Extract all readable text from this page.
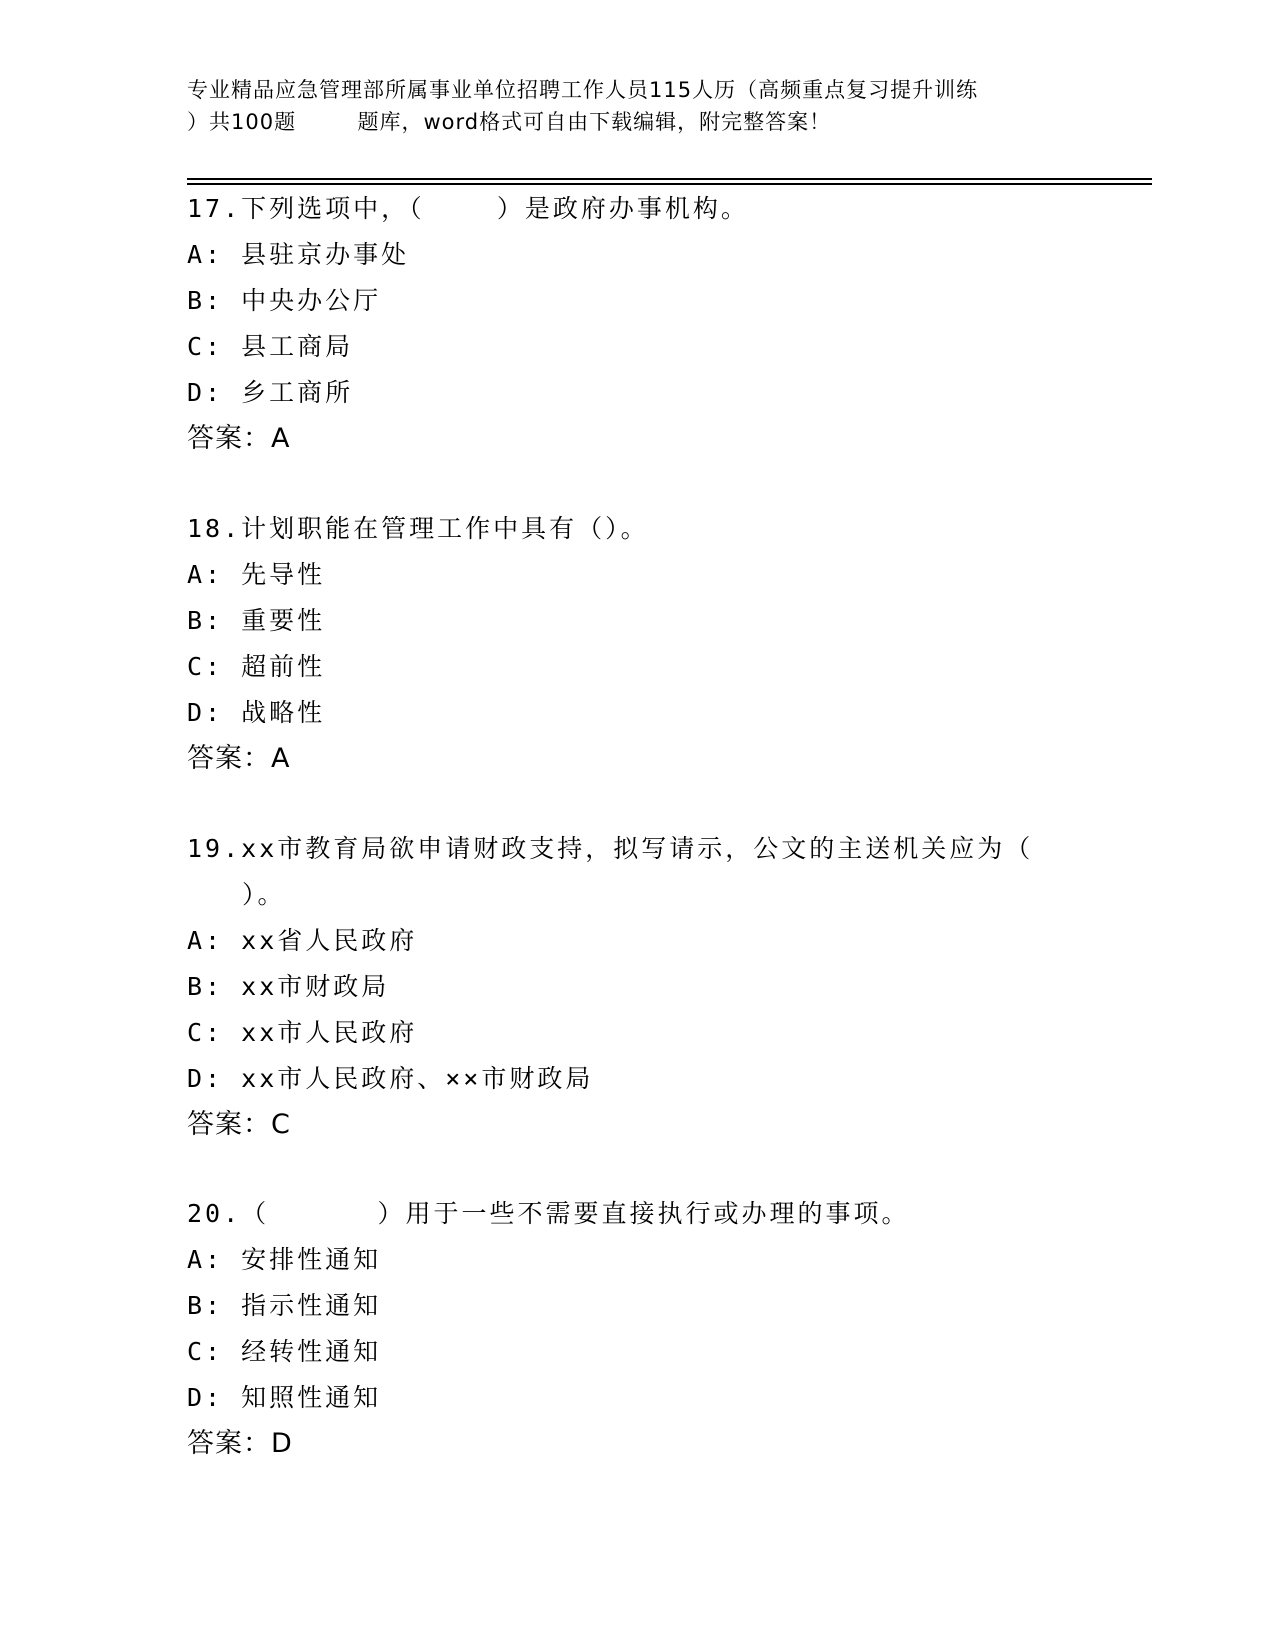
专业精品应急管理部所属事业单位招聘工作人员115人历（高频重点复习提升训练
）共100题        题库，word格式可自由下载编辑，附完整答案！
17.下列选项中，（    ）是政府办事机构。
A: 县驻京办事处
B: 中央办公厅
C: 县工商局
D: 乡工商所
答案：A
18.计划职能在管理工作中具有（）。
A: 先导性
B: 重要性
C: 超前性
D: 战略性
答案：A
19.xx市教育局欲申请财政支持，拟写请示，公文的主送机关应为（
）。
A: xx省人民政府
B: xx市财政局
C: xx市人民政府
D: xx市人民政府、××市财政局
答案：C
20.（      ）用于一些不需要直接执行或办理的事项。
A: 安排性通知
B: 指示性通知
C: 经转性通知
D: 知照性通知
答案：D
